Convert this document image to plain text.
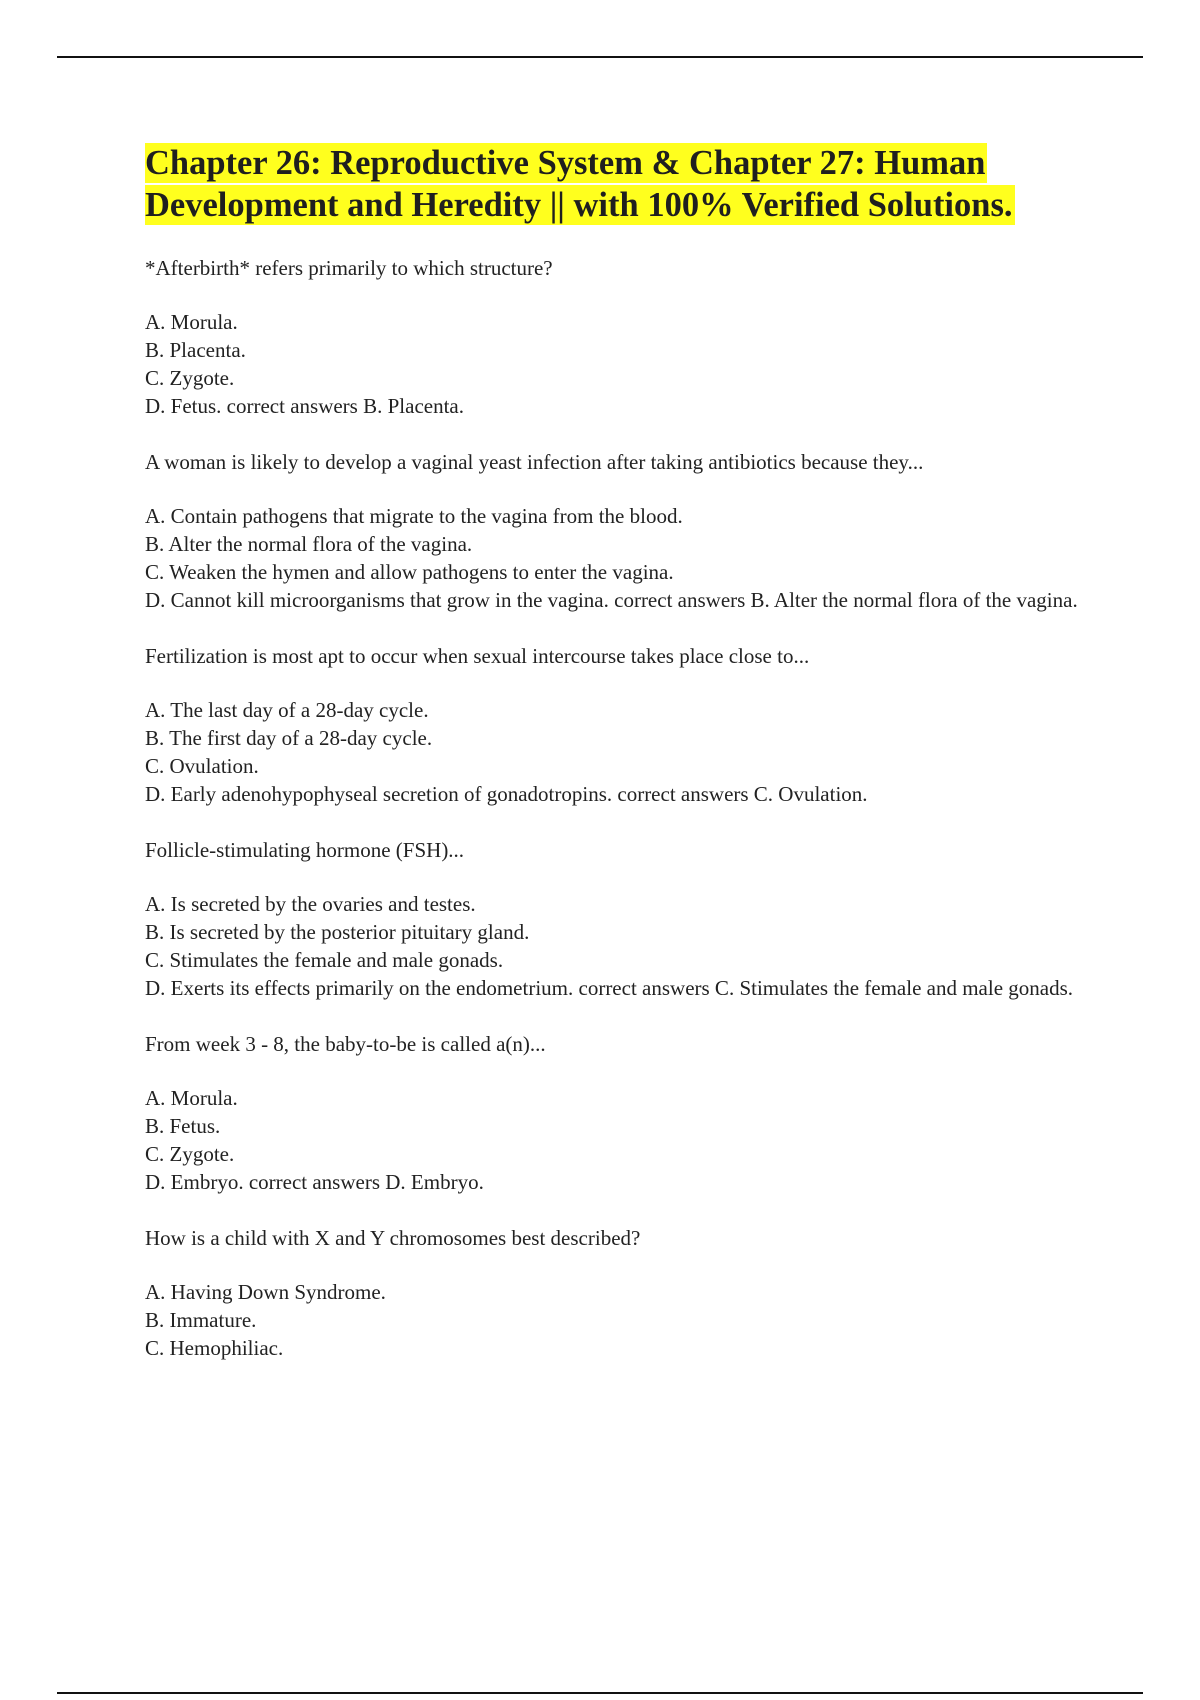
Chapter 26: Reproductive System & Chapter 27: Human Development and Heredity || with 100% Verified Solutions.

*Afterbirth* refers primarily to which structure?

A. Morula.
B. Placenta.
C. Zygote.
D. Fetus. correct answers B. Placenta.

A woman is likely to develop a vaginal yeast infection after taking antibiotics because they...

A. Contain pathogens that migrate to the vagina from the blood.
B. Alter the normal flora of the vagina.
C. Weaken the hymen and allow pathogens to enter the vagina.
D. Cannot kill microorganisms that grow in the vagina. correct answers B. Alter the normal flora of the vagina.

Fertilization is most apt to occur when sexual intercourse takes place close to...

A. The last day of a 28-day cycle.
B. The first day of a 28-day cycle.
C. Ovulation.
D. Early adenohypophyseal secretion of gonadotropins. correct answers C. Ovulation.

Follicle-stimulating hormone (FSH)...

A. Is secreted by the ovaries and testes.
B. Is secreted by the posterior pituitary gland.
C. Stimulates the female and male gonads.
D. Exerts its effects primarily on the endometrium. correct answers C. Stimulates the female and male gonads.

From week 3 - 8, the baby-to-be is called a(n)...

A. Morula.
B. Fetus.
C. Zygote.
D. Embryo. correct answers D. Embryo.

How is a child with X and Y chromosomes best described?

A. Having Down Syndrome.
B. Immature.
C. Hemophiliac.
